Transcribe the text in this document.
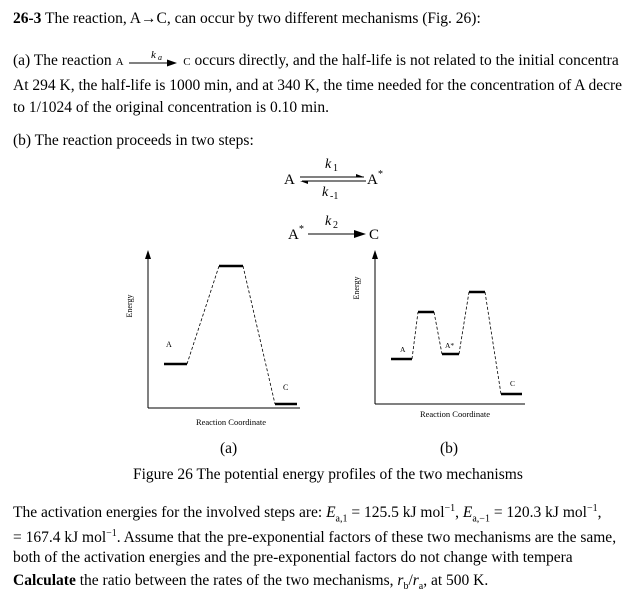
26-3 The reaction, A→C, can occur by two different mechanisms (Fig. 26):
(a) The reaction A
k a C occurs directly, and the half-life is not related to the initial concentra
At 294 K, the half-life is 1000 min, and at 340 K, the time needed for the concentration of A decre
to 1/1024 of the original concentration is 0.10 min.
(b) The reaction proceeds in two steps:
A
k 1
k -1
A *
A *
k 2
C
Energy
Reaction Coordinate
A
C
Energy
Reaction Coordinate
A	A*
C
(a)	(b)
Figure 26 The potential energy profiles of the two mechanisms
The activation energies for the involved steps are: $E_{a,1} = 125.5$ kJ mol$^{-1}$, $E_{a,-1} = 120.3$ kJ mol$^{-1}$,
= 167.4 kJ mol$^{-1}$. Assume that the pre-exponential factors of these two mechanisms are the same,
both of the activation energies and the pre-exponential factors do not change with tempera
Calculate the ratio between the rates of the two mechanisms, $r_b/r_a$, at 500 K.
